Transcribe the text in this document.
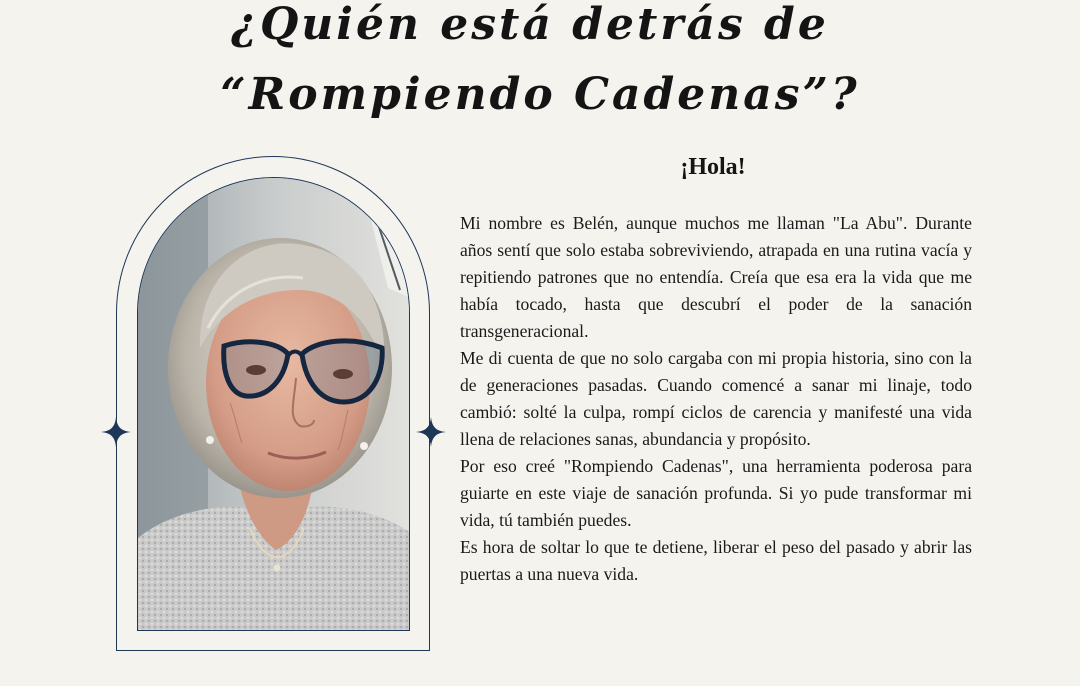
¿Quién está detrás de
“Rompiendo Cadenas”?
¡Hola!

Mi nombre es Belén, aunque muchos me llaman "La Abu". Durante años sentí que solo estaba sobreviviendo, atrapada en una rutina vacía y repitiendo patrones que no entendía. Creía que esa era la vida que me había tocado, hasta que descubrí el poder de la sanación transgeneracional.

Me di cuenta de que no solo cargaba con mi propia historia, sino con la de generaciones pasadas. Cuando comencé a sanar mi linaje, todo cambió: solté la culpa, rompí ciclos de carencia y manifesté una vida llena de relaciones sanas, abundancia y propósito.

Por eso creé "Rompiendo Cadenas", una herramienta poderosa para guiarte en este viaje de sanación profunda. Si yo pude transformar mi vida, tú también puedes.

Es hora de soltar lo que te detiene, liberar el peso del pasado y abrir las puertas a una nueva vida.
